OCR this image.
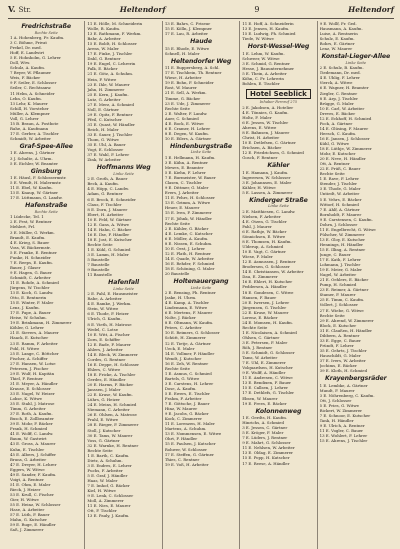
V. Str.	Heltendorf	9	Heltendorf
Fredrichstraße
Rechte Seite
1 A. Hohenberg, Fr. Kaufm.
3 C. Böhme, Privat
Prekel, Dr. med.
Hoff, E. Landwirt
5 E. Hohnholm, G. Lehrer
Doll, Wtw.
Schulz, A. Kaufm.
7 Beyer, W. Pflaumer
Weis, F. Bäcker
9 F. Seiler, E. Schlosser
Seiler, C. Rechtsanw.
11 Helm, A. Schneider
Lehn, O. Kaufm.
13 Lehr, K. Maurer
Schill, H. Vorsteher
Müller, A. Klempner
Voll, G. Lehrer
15 B. Braun, A. Postbote
Rahe, A. Kaufmann
17 E. Gerber, A. Tischler
Schmidt, W. Arbeiter
Graf-Spee-Allee
1 E. Ahrens, J. Gärtner
3 J. Schulte, A. Uhrm.
5 E. Eichler, W. Beamter
Ginsburg
1 E. Häusl, F. Schlossermstr.
5 E. Wendt, H. Malermstr.
11 E. Ebel, W. Kaufm.
13 E. Knaup, W. Gärtner
17 E. Lüttmann, G. Landw.
Hafenstraße
Rechte Seite
1 Lüdecke, Tel. 1
2 E. Fest, W. Rentner
Mehlert, Frl.
3 E. Müller, G. Werkm.
Brandt, E. Kaufm.
4 E. Krieg, S. Bauer
Voss, W. Bäckermstr.
5 E. Franke, E. Rentner
Funke, H. Schneider
7 E. Reeps, E. Kaufm.
Bauer, J. Glaser
9 E. Hagen, G. Bauer
Schmidt, C. Arbeiter
11 E. Rohde, A. Schmied
Jürgens, W. Tischler
13 E. Koch, G. Landw.
Otto, E. Rentnerin
15 E. Winter, F. Maler
Lenz, J. Kaufm.
17 E. Pape, A. Bauer
Heise, W. Schuhm.
19 E. Brinkmann, H. Zimmerer
Köhler, G. Lehrer
21 E. Sievers, A. Maurer
Haack, E. Kutscher
23 E. Ramm, F. Arbeiter
Pohl, H. Witwe
25 E. Lange, C. Böttcher
Fischer, A. Schiffer
27 E. Hansen, W. Lotse
Petersen, J. Fischer
29 E. Wulf, H. Kapitän
Thiel, F. Rentner
31 E. Meyer, A. Händler
Krause, E. Schlosser
33 E. Nagel, W. Heizer
Lohse, K. Witwe
35 E. Stahl, J. Matrose
Timm, G. Arbeiter
37 E. Roth, A. Kaufm.
Busch, E. Zollbeamter
39 E. Mohr, F. Bäcker
Frank, H. Schmied
41 E. Wolff, C. Landw.
Baum, W. Gastwirt
43 E. Gross, A. Maurer
Kuhn, E. Tischler
45 E. Albers, J. Schiffer
Bruns, G. Arbeiter
47 E. Dreyer, H. Lehrer
Eggers, W. Witwe
49 E. Sander, F. Kaufm.
Voigt, A. Rentner
51 E. Ohm, E. Maler
Rieck, J. Heizer
53 E. Krull, C. Fischer
Gier, H. Witwe
55 E. Heinz, W. Schlosser
Hase, A. Arbeiter
57 E. Lüth, F. Bauer
Mahn, G. Kutscher
59 E. Ruge, E. Händler
Saß, J. Zimmerer
11 E. Hölle, M. Schneiderin
Wolle, B. Kaufm.
13 E. Rathmann, F. Werkm.
Bahr, A. Arbeiter
15 E. Boldt, H. Schlosser
Arens, W. Maler
17 E. Finke, J. Tischler
Dahl, G. Rentner
19 E. Engel, C. Lehrerin
Falk, E. Bäcker
21 E. Götz, A. Schuhm.
Hein, F. Witwe
23 E. Ihle, W. Maurer
Jahn, H. Zimmerer
25 E. Kern, J. Kaufm.
Lutz, G. Arbeiter
27 E. Merz, A. Schmied
Noll, E. Gärtner
29 E. Opitz, F. Rentner
Pfeil, C. Kutscher
31 E. Quast, W. Händler
Reich, H. Maler
33 E. Sauer, J. Tischler
Thom, G. Witwe
35 E. Uhl, A. Bauer
Vogt, E. Schlosser
37 E. Wahl, F. Lehrer
Zink, W. Arbeiter
Hoffmanns Weg
Linke Seite
2 E. Groth, A. Bauer
Beck, A. Kaufm.
4 E. Höpp, C. Landw.
Adam, G. Rentner
6 E. Brock, E. Schneider
Claus, F. Tischler
8 E. Dorn, J. Maurer
Ebert, H. Arbeiter
10 E. Feld, W. Gärtner
12 E. Gans, A. Witwe
14 E. Hahn, C. Bäcker
16 E. Ilse, F. Händler
18 E. Jost, E. Kutscher
Rechte Seite
1 E. Kühl, G. Schmied
3 E. Lamm, H. Maler
5 Baustelle
7 Baustelle
9 Baustelle
11 Baustelle
Hafenfall
Linke Seite
2 E. Pahl, E. Hausmeister
Rabe, A. Arbeiter
4 E. Ramke, J. Werkm.
Stein, W. Witwe
6 E. Thode, F. Heizer
Ulrich, G. Kaufm.
8 E. Vieth, H. Matrose
Wedel, C. Lotse
10 E. Witt, A. Fischer
Zorn, E. Schiffer
12 E. Bade, F. Maurer
Ahlers, J. Arbeiter
14 E. Bleck, W. Zimmerer
Cordes, G. Rentner
16 E. Deppe, H. Schlosser
Ehlers, C. Witwe
18 E. Fricke, A. Tischler
Gerdes, E. Händler
20 E. Harms, F. Bäcker
Janssen, J. Maler
22 E. Kruse, W. Kaufm.
Lührs, G. Heizer
24 E. Meins, H. Schmied
Niemann, C. Arbeiter
26 E. Ohlsen, A. Matrose
Prahl, E. Witwe
28 E. Rieger, F. Zimmerer
Stoll, J. Kutscher
30 E. Tams, W. Maurer
Voss, G. Gärtner
32 E. Warnke, H. Rentner
Rechte Seite
1 E. Barth, C. Kaufm.
Dietz, A. Schuhm.
3 E. Endres, E. Lehrer
Fuchs, F. Arbeiter
5 E. Graf, J. Händler
Haas, W. Maler
7 E. Imhof, G. Bäcker
Kiel, H. Witwe
9 E. Lenk, C. Schlosser
Moll, A. Zimmerer
11 E. Nies, E. Maurer
Ott, F. Tischler
13 E. Pauly, J. Kaufm.
13 E. Bahrs, C. Friseur
15 E. Kölln, J. Klempner
17 E. Lau, R. Arbeiter
Haude
15 E. Rhode, E. Witwe
Schnell, H. Maler
Heltendorfer Weg
11 E. Ruppersberg, A. Schl.
17 E. Tischbein, Th. Rentner
Wiese, H. Arbeiter
19 E. Bohn, F. Schneider
Rost, W. Maurer
21 E. Sell, A. Werkm.
Timme, G. Bäcker
23 E. Ude, J. Zimmerer
Rechte Seite
2 E. Walter, F. Landw.
Auer, C. Schmied
4 E. Bock, E. Witwe
6 E. Cramer, H. Lehrer
8 E. Degen, W. Kaufm.
10 E. Eilers, A. Gärtner
Hindenburgstraße
Linke Seite
1 E. Hellmann, H. Kaufm.
3 E. Kühn, A. Rentner
Mewes, E. Beamter
5 E. Kiehn, F. Lehrer
7 E. Burmeister, W. Bauer
Clasen, C. Tischler
9 E. Dittmer, G. Maler
Evers, J. Arbeiter
11 E. Fehrs, H. Schlosser
13 E. Grimm, A. Witwe
Heuer, E. Maurer
15 E. Iven, F. Zimmerer
17 E. Jöhnk, W. Händler
Rechte Seite
2 E. Kähler, G. Bäcker
4 E. Lemke, C. Kutscher
6 E. Möller, A. Kaufm.
8 E. Nissen, E. Schuhm.
10 E. Oest, J. Lehrer
12 E. Plath, H. Rentner
14 E. Quade, W. Arbeiter
16 E. Rehder, F. Schmied
18 E. Schöning, G. Maler
20 Baustelle
Holtenauergang
Linke Seite
2 E. Bensing, Ph. Rentner
Jaske, H. Uhrm.
4 E. Kamp, A. Tischler
Lindemann, E. Witwe
6 E. Mertens, F. Maurer
Nolte, J. Bäcker
8 E. Oltmann, W. Kaufm.
Peters, C. Arbeiter
10 E. Reimers, G. Schlosser
Schütt, H. Zimmerer
12 E. Tietje, A. Gärtner
Ueck, E. Maler
14 E. Vollmer, F. Händler
Wendt, J. Kutscher
16 E. Zeh, W. Rentner
Rechte Seite
1 E. Asmus, C. Schmied
Bartels, G. Witwe
3 E. Carstens, H. Lehrer
Dose, A. Kaufm.
5 E. Ewers, E. Tischler
Frahm, F. Arbeiter
7 E. Göttsche, J. Bauer
Hinz, W. Maurer
9 E. Jacobs, G. Bäcker
Kock, C. Zimmerer
11 E. Lorenzen, H. Maler
Martens, A. Schuhm.
13 E. Nommensen, E. Witwe
Ohrt, F. Händler
15 E. Paulsen, J. Kutscher
Rohwer, W. Schlosser
17 E. Steffen, G. Gärtner
Thies, C. Rentner
19 E. Voß, H. Arbeiter
11 E. Hoff, A. Schneiderin
13 E. Jensen, H. Kaufm.
15 E. Ludwig, Ph. Schmied
Tiede, W. Witwe
Horst-Wessel-Weg
1 E. Lehm, W. Kaufm.
Schweer, W. Witwe
3 E. Schmid, G. Rentner
Hesse, J. Bauunternehmer
5 E. Thein, A. Arbeiter
Köhn, C. Fr. Lehrerin
Bohlen, E. Tischler
Hotel Seeblick
Inhaber Fernruf 275
2 E. Jakobsen, A. Hotelier
4 E. Tönnies, G. Kaufm.
Holtz, F. Maler
6 E. Jessen, W. Tischler
Ahrens, E. Witwe
8 E. Bahnsen, J. Maurer
Christ, H. Arbeiter
10 E. Detlefsen, C. Gärtner
Erichsen, A. Bäcker
12 E. Friedrichsen, G. Schmied
Gosch, F. Rentner
Kähler
1 E. Hamann, J. Kaufm.
Ingwersen, W. Schlosser
3 E. Johannsen, E. Maler
Kähler, H. Witwe
5 E. Lassen, A. Zimmerer
Kinderger Straße
Linke Seite
2 E. Matthiesen, C. Landw.
Nielsen, F. Arbeiter
4 E. Otzen, G. Tischler
Pahl, J. Maurer
6 E. Rathje, W. Bäcker
Sönnichsen, E. Witwe
8 E. Thomsen, H. Kaufm.
Ulderup, A. Schmied
10 E. Vagt, C. Gärtner
Wiese, F. Maler
12 E. Asmussen, J. Rentner
Brodersen, G. Schlosser
14 E. Christiansen, W. Arbeiter
Dau, E. Zimmerer
16 E. Ehlert, H. Kutscher
Feddersen, A. Händler
18 E. Gondesen, C. Witwe
Hansen, F. Bauer
20 E. Iwersen, J. Lehrer
Jürgensen, G. Tischler
22 E. Kruse, W. Maurer
Lorenz, E. Bäcker
24 E. Momsen, H. Kaufm.
Rechte Seite
1 E. Nicolaisen, A. Schmied
Ohlsen, C. Gärtner
3 E. Petersen, F. Maler
Röh, J. Rentner
5 E. Schmidt, G. Schlosser
Tams, W. Arbeiter
7 E. Uhl, E. Zimmerer
Volquardsen, H. Kutscher
9 E. Wulff, A. Händler
11 E. Andresen, C. Witwe
13 E. Bendixen, F. Bauer
15 E. Callsen, J. Lehrer
17 E. Dethlefs, G. Tischler
Ebsen, W. Maurer
19 E. Frees, E. Bäcker
Kolonnenweg
1 E. Gerdts, H. Kaufm.
Hinrichs, A. Schmied
3 E. Jessen, C. Gärtner
5 E. Kröger, F. Maler
7 E. Lüders, J. Rentner
9 E. Mahrt, G. Schlosser
11 E. Nehlsen, W. Arbeiter
13 E. Oldag, E. Zimmerer
15 E. Popp, H. Kutscher
17 E. Reese, A. Händler
9 E. Wollf, Fr. Ged.
Hausmann, A. Kaufm.
Luise, A. Rentnerin
Schulz, E. Kaufm.
Rohrs, E. Gärtner
Lenz, W. Maurer
Konstal-Lieger-Allee
Linke Seite
2 E. Schulz, B. Kaufm.
Tiedemann, Dr. med.
4 E. Uhlig, F. Lehrer
Vierck, A. Witwe
6 E. Wagner, H. Beamter
Ziegler, C. Rentner
8 E. Arp, J. Tischler
Brügge, G. Maler
10 E. Carl, W. Arbeiter
Dreves, E. Bäcker
12 E. Eckhoff, H. Schmied
Fock, A. Gärtner
14 E. Glüsing, F. Maurer
Heesch, C. Kaufm.
16 E. Jansen, J. Schlosser
Kühl, G. Witwe
18 E. Lüthje, W. Zimmerer
Mohr, E. Kutscher
20 E. Neve, H. Händler
Ott, A. Rentner
22 E. Prüß, C. Bauer
Rechte Seite
1 E. Rave, F. Lehrer
Stender, J. Tischler
3 E. Thode, G. Maler
Untiedt, W. Arbeiter
5 E. Vehrs, E. Bäcker
Wittorf, H. Schmied
7 E. Ahlf, A. Gärtner
Bornholdt, F. Maurer
9 E. Carstensen, C. Kaufm.
Dohrn, J. Schlosser
11 E. Engelbrecht, G. Witwe
Fülscher, W. Zimmerer
13 E. Gloy, E. Kutscher
Hennings, H. Händler
15 E. Illing, A. Rentner
Junge, C. Bauer
17 E. Kath, F. Lehrer
Lohmann, J. Tischler
19 E. Meier, G. Maler
Nagel, W. Arbeiter
21 E. Oehlers, E. Bäcker
Pump, H. Schmied
23 E. Reimer, A. Gärtner
Stamer, F. Maurer
25 E. Timm, C. Kaufm.
Vollert, J. Schlosser
27 E. Wiebe, G. Witwe
Rechte Seite
29 E. Ahrend, W. Zimmerer
Block, E. Kutscher
31 E. Claußen, H. Händler
Dibbern, A. Rentner
33 E. Egge, C. Bauer
Fründt, F. Lehrer
35 E. Gehrts, J. Tischler
Hauschildt, G. Maler
37 E. Ivers, W. Arbeiter
Jochims, E. Bäcker
39 E. Kloth, H. Schmied
Krayenbergsräder
1 E. Lembke, A. Gärtner
Mundt, F. Maurer
3 E. Nöhrenberg, C. Kaufm.
Ott, J. Schlosser
5 E. Pries, G. Witwe
Rickert, W. Zimmerer
7 E. Schnoor, E. Kutscher
Tank, H. Händler
9 E. Ulrich, A. Rentner
11 E. Vogler, C. Bauer
13 E. Wohlert, F. Lehrer
15 E. Ahrens, J. Tischler
